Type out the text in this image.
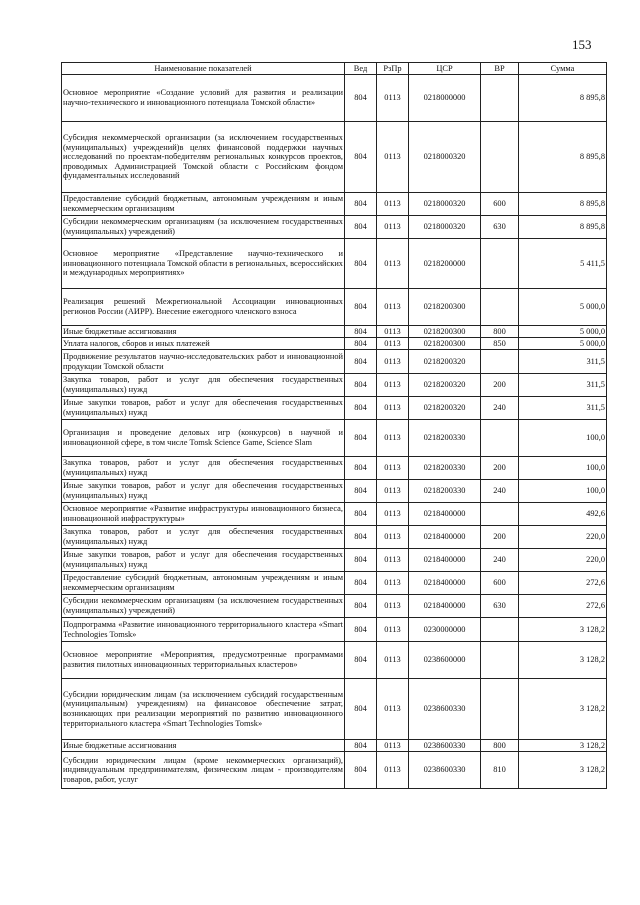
153
Наименование показателей	Вед	РзПр	ЦСР	ВР	Сумма
Основное мероприятие «Создание условий для развития и реализации научно-технического и инновационного потенциала Томской области»	804	0113	0218000000		8 895,8
Субсидия некоммерческой организации (за исключением государственных (муниципальных) учреждений)в целях финансовой поддержки научных исследований по проектам-победителям региональных конкурсов проектов, проводимых Администрацией Томской области с Российским фондом фундаментальных исследований	804	0113	0218000320		8 895,8
Предоставление субсидий бюджетным, автономным учреждениям и иным некоммерческим организациям	804	0113	0218000320	600	8 895,8
Субсидии некоммерческим организациям (за исключением государственных (муниципальных) учреждений)	804	0113	0218000320	630	8 895,8
Основное мероприятие «Представление научно-технического и инновационного потенциала Томской области в региональных, всероссийских и международных мероприятиях»	804	0113	0218200000		5 411,5
Реализация решений Межрегиональной Ассоциации инновационных регионов России (АИРР). Внесение ежегодного членского взноса	804	0113	0218200300		5 000,0
Иные бюджетные ассигнования	804	0113	0218200300	800	5 000,0
Уплата налогов, сборов и иных платежей	804	0113	0218200300	850	5 000,0
Продвижение результатов научно-исследовательских работ и инновационной продукции Томской области	804	0113	0218200320		311,5
Закупка товаров, работ и услуг для обеспечения государственных (муниципальных) нужд	804	0113	0218200320	200	311,5
Иные закупки товаров, работ и услуг для обеспечения государственных (муниципальных) нужд	804	0113	0218200320	240	311,5
Организация и проведение деловых игр (конкурсов) в научной и инновационной сфере, в том числе Tomsk Science Game, Science Slam	804	0113	0218200330		100,0
Закупка товаров, работ и услуг для обеспечения государственных (муниципальных) нужд	804	0113	0218200330	200	100,0
Иные закупки товаров, работ и услуг для обеспечения государственных (муниципальных) нужд	804	0113	0218200330	240	100,0
Основное мероприятие «Развитие инфраструктуры инновационного бизнеса, инновационной инфраструктуры»	804	0113	0218400000		492,6
Закупка товаров, работ и услуг для обеспечения государственных (муниципальных) нужд	804	0113	0218400000	200	220,0
Иные закупки товаров, работ и услуг для обеспечения государственных (муниципальных) нужд	804	0113	0218400000	240	220,0
Предоставление субсидий бюджетным, автономным учреждениям и иным некоммерческим организациям	804	0113	0218400000	600	272,6
Субсидии некоммерческим организациям (за исключением государственных (муниципальных) учреждений)	804	0113	0218400000	630	272,6
Подпрограмма «Развитие инновационного территориального кластера «Smart Technologies Tomsk»	804	0113	0230000000		3 128,2
Основное мероприятие «Мероприятия, предусмотренные программами развития пилотных инновационных территориальных кластеров»	804	0113	0238600000		3 128,2
Субсидии юридическим лицам (за исключением субсидий государственным (муниципальным) учреждениям) на финансовое обеспечение затрат, возникающих при реализации мероприятий по развитию инновационного территориального кластера «Smart Technologies Tomsk»	804	0113	0238600330		3 128,2
Иные бюджетные ассигнования	804	0113	0238600330	800	3 128,2
Субсидии юридическим лицам (кроме некоммерческих организаций), индивидуальным предпринимателям, физическим лицам - производителям товаров, работ, услуг	804	0113	0238600330	810	3 128,2
